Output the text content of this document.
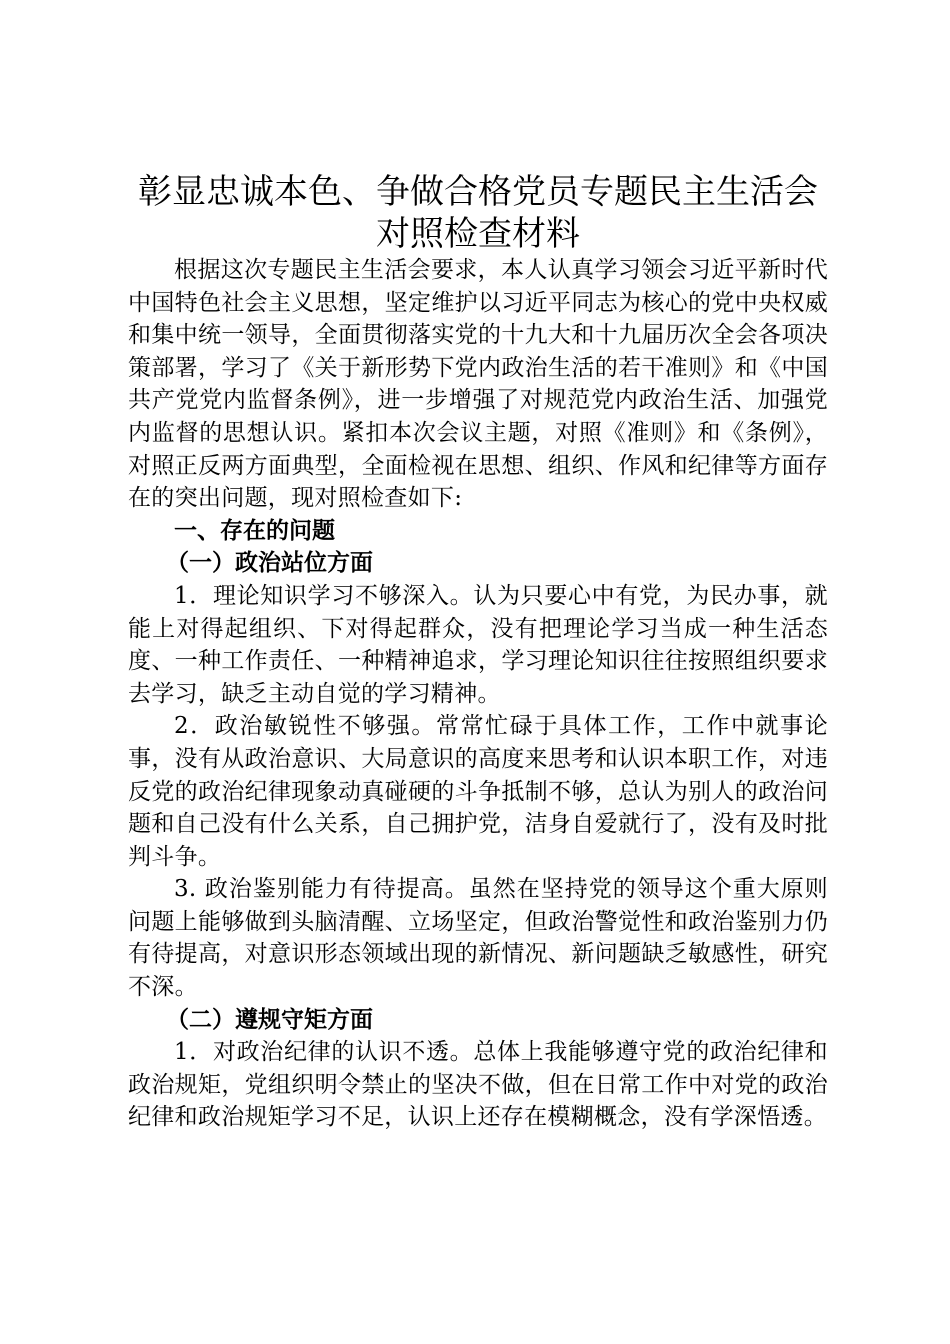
彰显忠诚本色、争做合格党员专题民主生活会
对照检查材料

根据这次专题民主生活会要求，本人认真学习领会习近平新时代中国特色社会主义思想，坚定维护以习近平同志为核心的党中央权威和集中统一领导，全面贯彻落实党的十九大和十九届历次全会各项决策部署，学习了《关于新形势下党内政治生活的若干准则》和《中国共产党党内监督条例》，进一步增强了对规范党内政治生活、加强党内监督的思想认识。紧扣本次会议主题，对照《准则》和《条例》，对照正反两方面典型，全面检视在思想、组织、作风和纪律等方面存在的突出问题，现对照检查如下:

一、存在的问题

（一）政治站位方面

1．理论知识学习不够深入。认为只要心中有党，为民办事，就能上对得起组织、下对得起群众，没有把理论学习当成一种生活态度、一种工作责任、一种精神追求，学习理论知识往往按照组织要求去学习，缺乏主动自觉的学习精神。

2．政治敏锐性不够强。常常忙碌于具体工作，工作中就事论事，没有从政治意识、大局意识的高度来思考和认识本职工作，对违反党的政治纪律现象动真碰硬的斗争抵制不够，总认为别人的政治问题和自己没有什么关系，自己拥护党，洁身自爱就行了，没有及时批判斗争。

3. 政治鉴别能力有待提高。虽然在坚持党的领导这个重大原则问题上能够做到头脑清醒、立场坚定，但政治警觉性和政治鉴别力仍有待提高，对意识形态领域出现的新情况、新问题缺乏敏感性，研究不深。

（二）遵规守矩方面

1．对政治纪律的认识不透。总体上我能够遵守党的政治纪律和政治规矩，党组织明令禁止的坚决不做，但在日常工作中对党的政治纪律和政治规矩学习不足，认识上还存在模糊概念，没有学深悟透。
